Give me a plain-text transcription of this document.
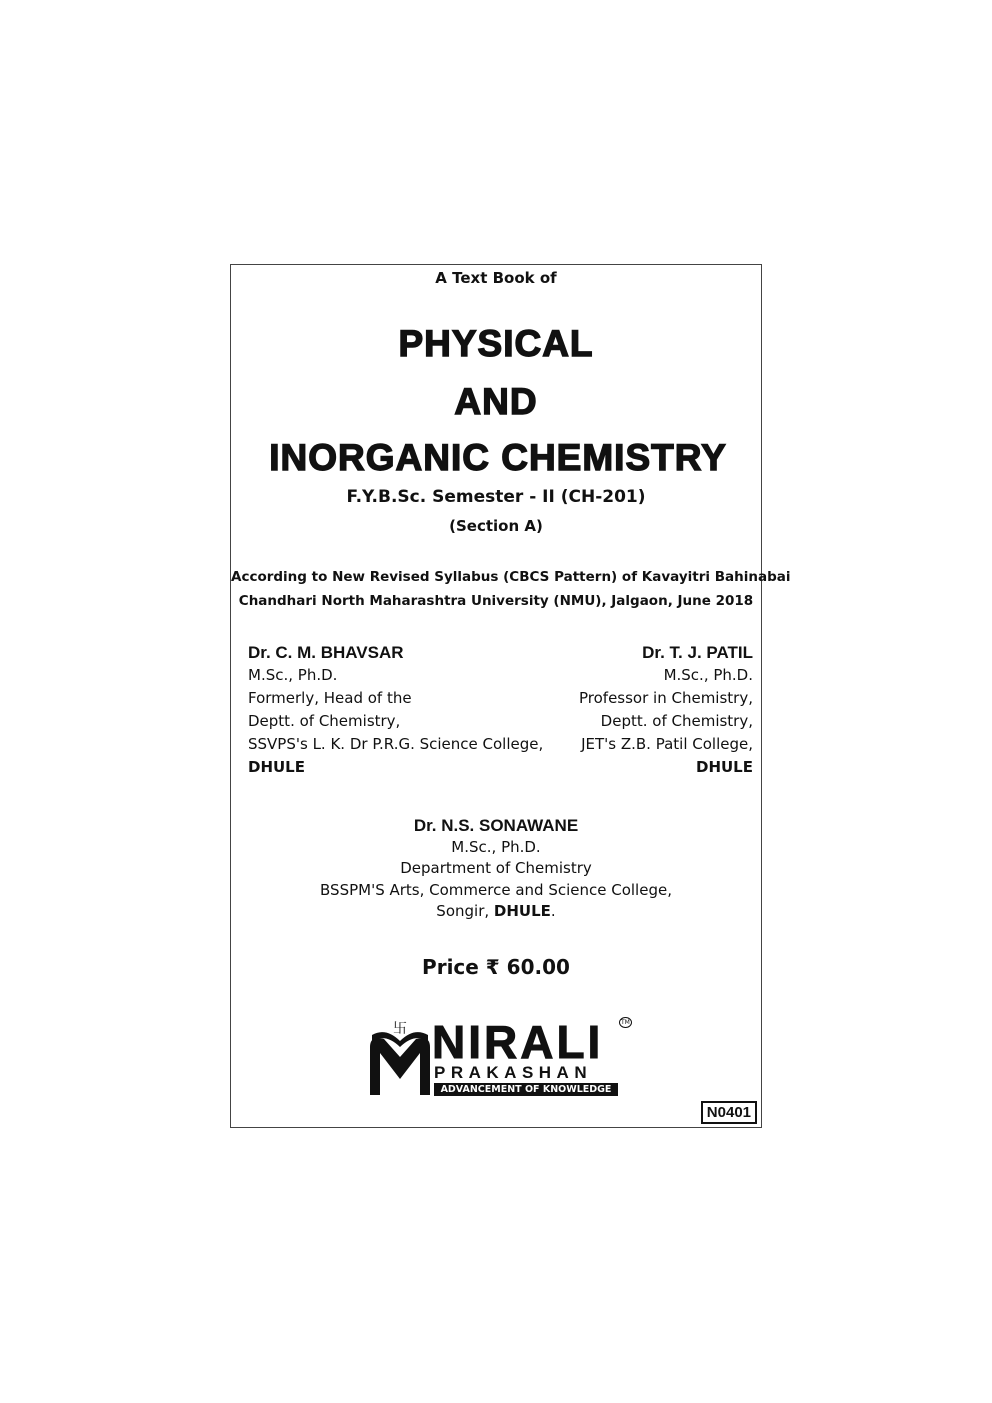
A Text Book of
PHYSICAL
AND
INORGANIC CHEMISTRY
F.Y.B.Sc. Semester - II (CH-201)
(Section A)
According to New Revised Syllabus (CBCS Pattern) of Kavayitri Bahinabai
Chandhari North Maharashtra University (NMU), Jalgaon, June 2018
Dr. C. M. BHAVSAR
M.Sc., Ph.D.
Formerly, Head of the
Deptt. of Chemistry,
SSVPS's L. K. Dr P.R.G. Science College,
DHULE
Dr. T. J. PATIL
M.Sc., Ph.D.
Professor in Chemistry,
Deptt. of Chemistry,
JET's Z.B. Patil College,
DHULE
Dr. N.S. SONAWANE
M.Sc., Ph.D.
Department of Chemistry
BSSPM'S Arts, Commerce and Science College,
Songir, DHULE.
Price ₹ 60.00
卐 NIRALI	TM
PRAKASHAN
ADVANCEMENT OF KNOWLEDGE
N0401
